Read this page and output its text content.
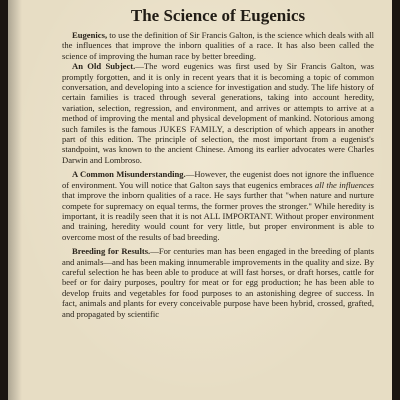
The Science of Eugenics

Eugenics, to use the definition of Sir Francis Galton, is the science which deals with all the influences that improve the inborn qualities of a race. It has also been called the science of improving the human race by better breeding.

An Old Subject.—The word eugenics was first used by Sir Francis Galton, was promptly forgotten, and it is only in recent years that it is becoming a topic of common conversation, and developing into a science for investigation and study. The life history of certain families is traced through several generations, taking into account heredity, variation, selection, regression, and environment, and arrives or attempts to arrive at a method of improving the mental and physical development of mankind. Notorious among such familes is the famous JUKES FAMILY, a description of which appears in another part of this edition. The principle of selection, the most important from a eugenist's standpoint, was known to the ancient Chinese. Among its earlier advocates were Charles Darwin and Lombroso.

A Common Misunderstanding.—However, the eugenist does not ignore the influence of environment. You will notice that Galton says that eugenics embraces all the influences that improve the inborn qualities of a race. He says further that "when nature and nurture compete for supremacy on equal terms, the former proves the stronger." While heredity is important, it is readily seen that it is not ALL IMPORTANT. Without proper environment and training, heredity would count for very little, but proper environment is able to overcome most of the results of bad breeding.

Breeding for Results.—For centuries man has been engaged in the breeding of plants and animals—and has been making innumerable improvements in the quality and size. By careful selection he has been able to produce at will fast horses, or draft horses, cattle for beef or for dairy purposes, poultry for meat or for egg production; he has been able to develop fruits and vegetables for food purposes to an astonishing degree of success. In fact, animals and plants for every conceivable purpose have been hybrid, crossed, grafted, and propagated by scientific
